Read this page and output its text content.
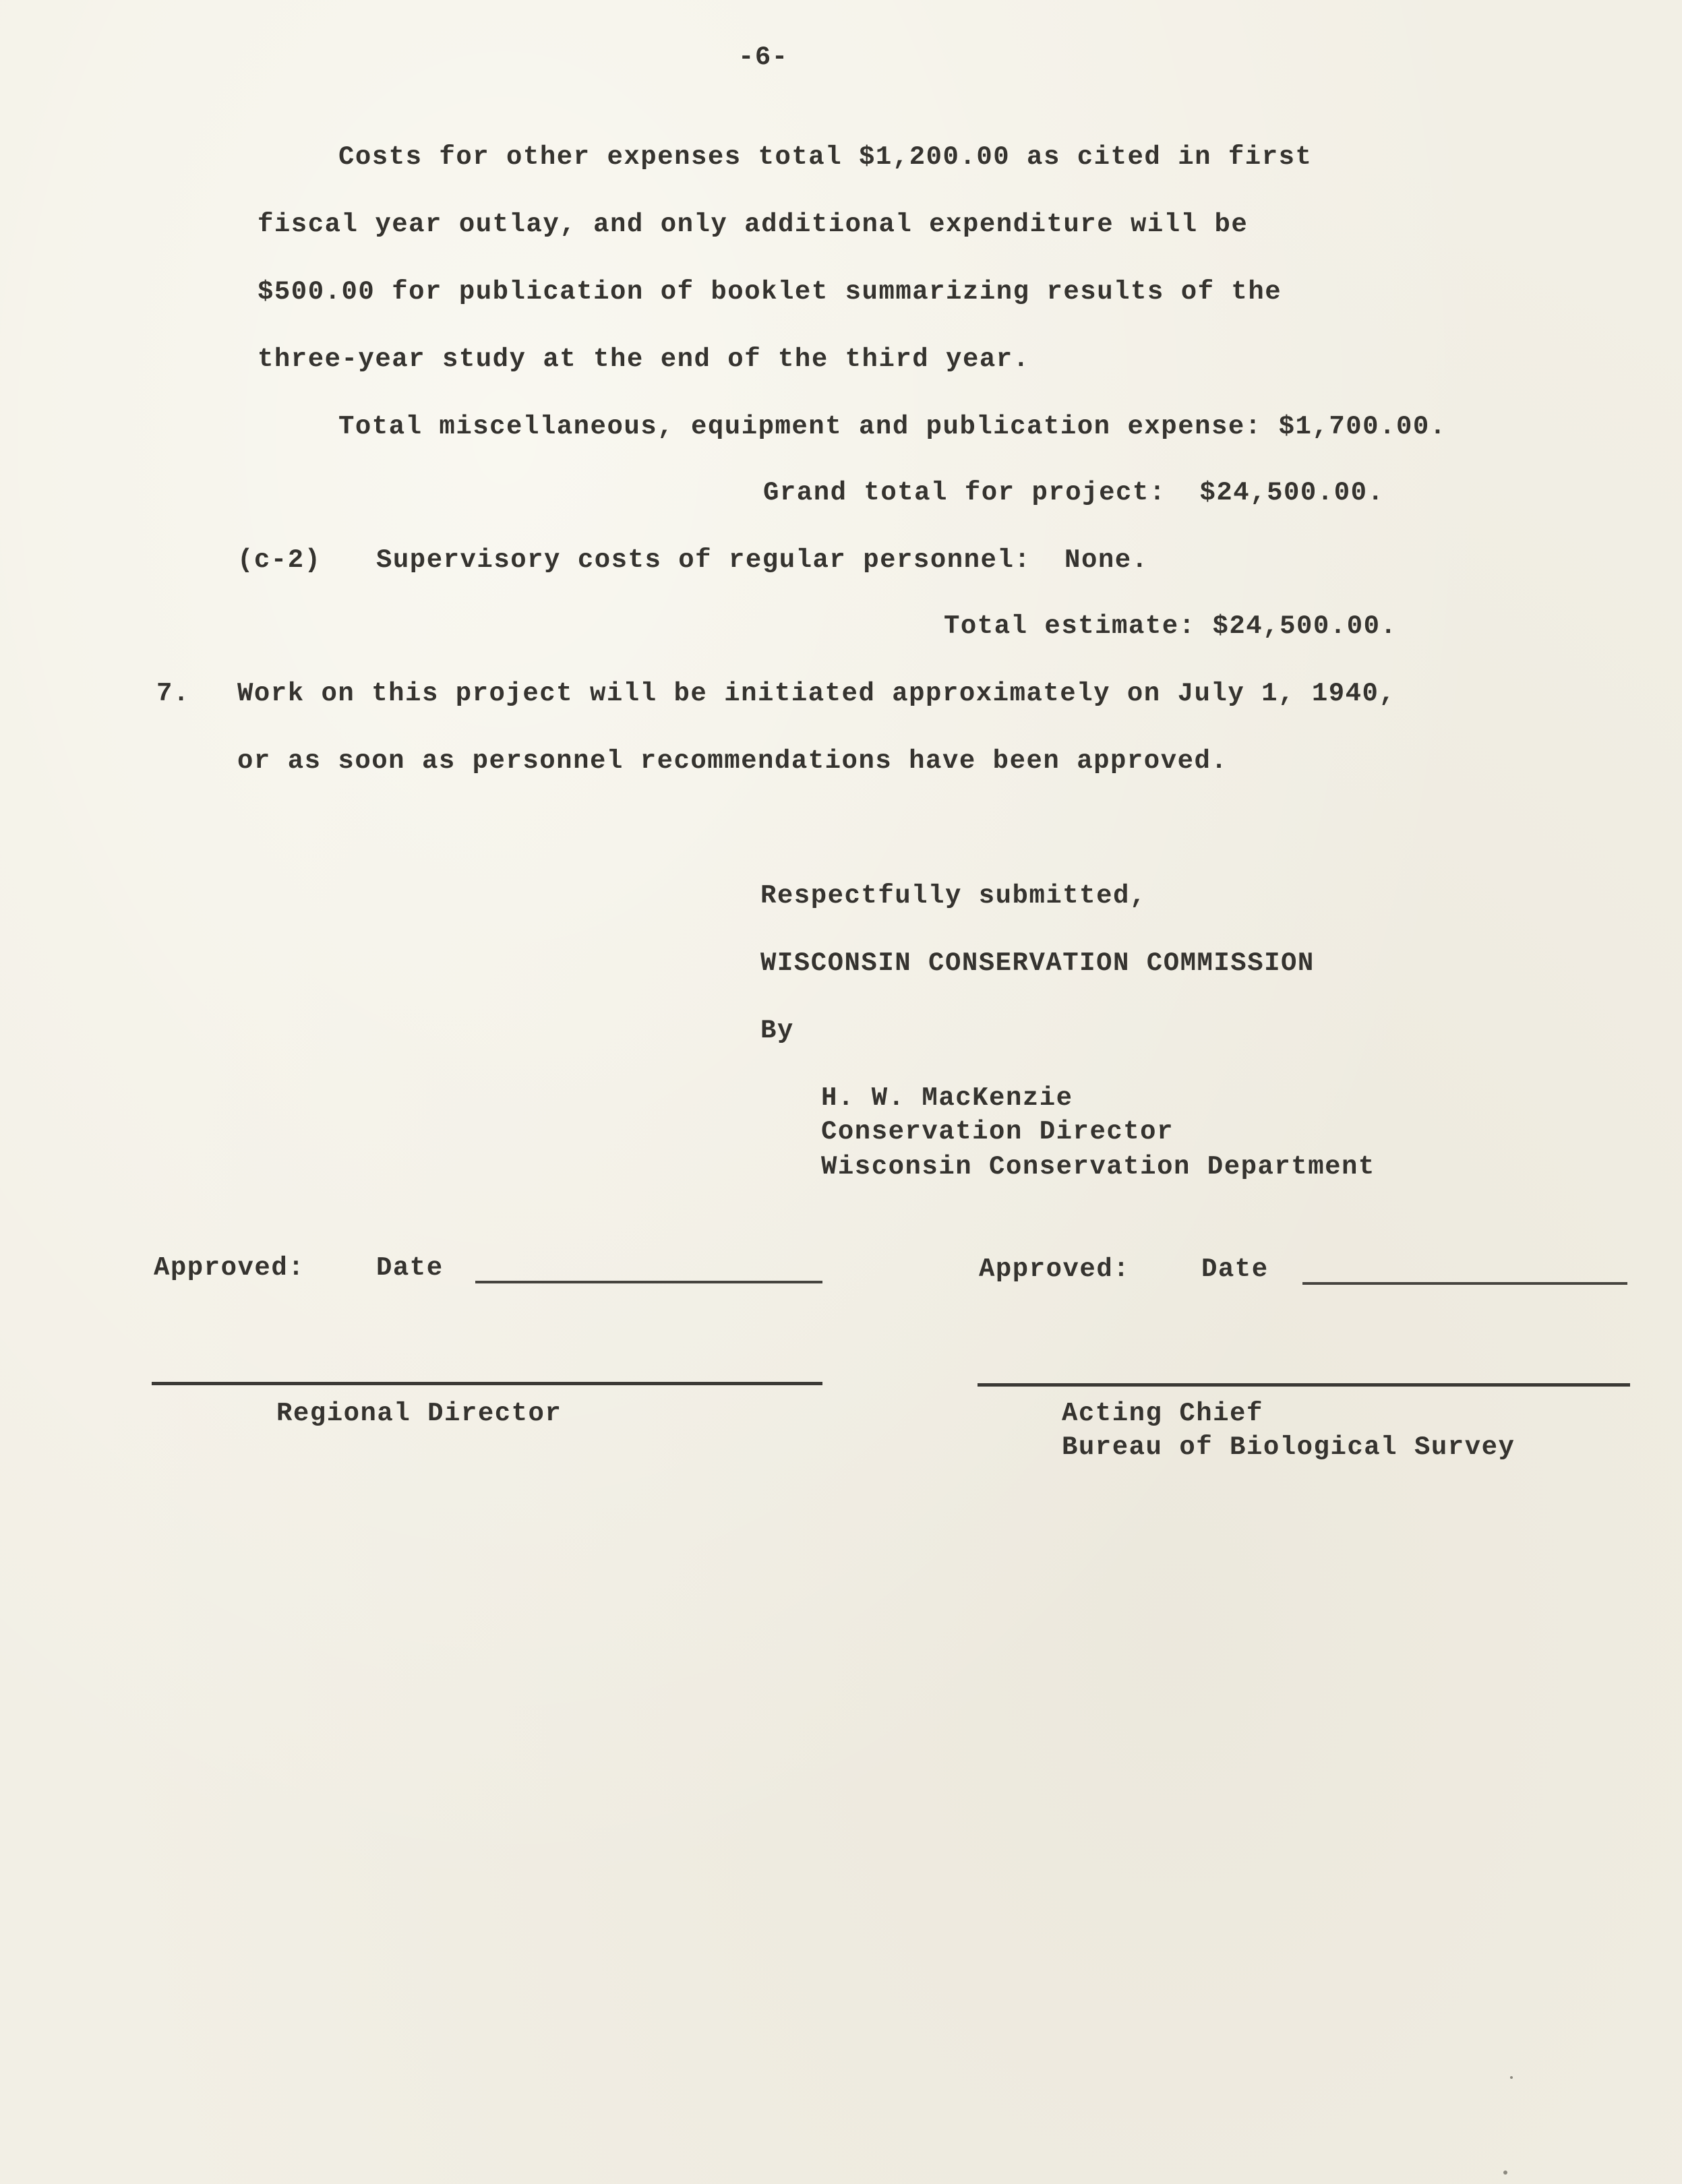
-6-
Costs for other expenses total $1,200.00 as cited in first
fiscal year outlay, and only additional expenditure will be
$500.00 for publication of booklet summarizing results of the
three-year study at the end of the third year.
Total miscellaneous, equipment and publication expense: $1,700.00.
Grand total for project:  $24,500.00.
(c-2) Supervisory costs of regular personnel:  None.
Total estimate: $24,500.00.
7. Work on this project will be initiated approximately on July 1, 1940,
or as soon as personnel recommendations have been approved.
Respectfully submitted,
WISCONSIN CONSERVATION COMMISSION
By
H. W. MacKenzie
Conservation Director
Wisconsin Conservation Department
Approved:	Date
Regional Director
Approved:	Date
Acting Chief
Bureau of Biological Survey
